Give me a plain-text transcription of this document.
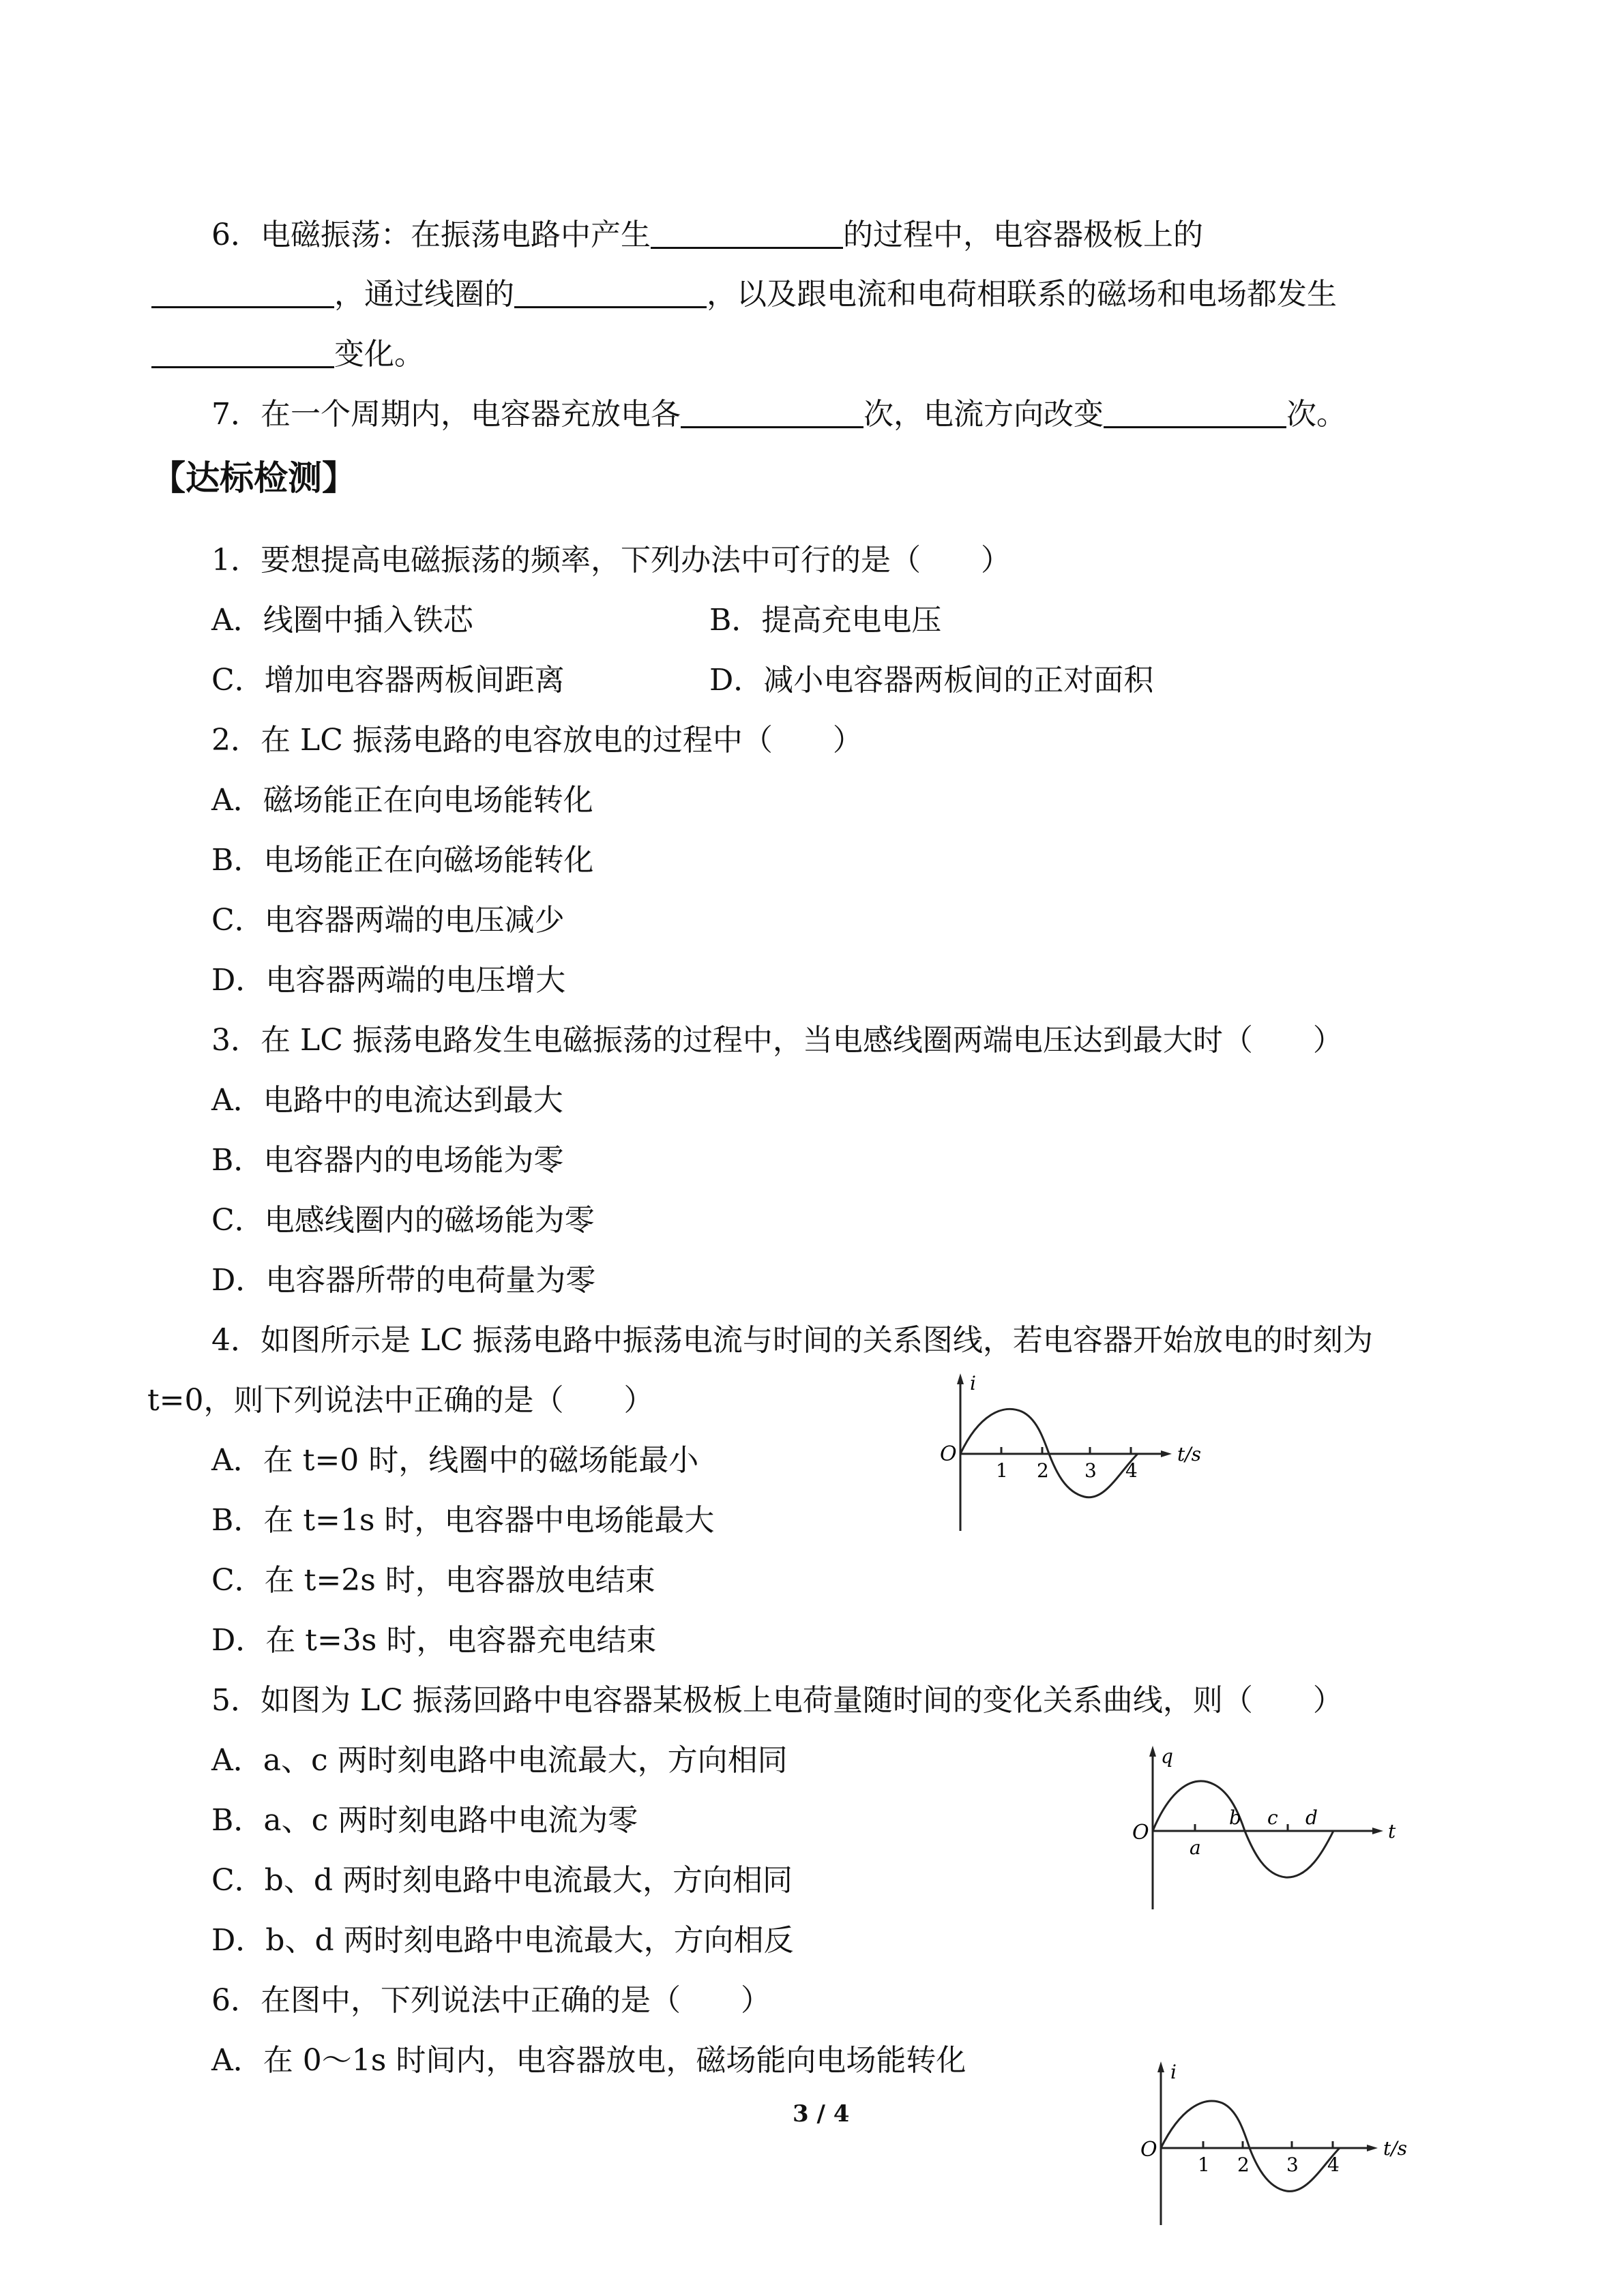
6．电磁振荡：在振荡电路中产生	的过程中，电容器极板上的
，通过线圈的	，以及跟电流和电荷相联系的磁场和电场都发生
变化。
7．在一个周期内，电容器充放电各	次，电流方向改变	次。
【达标检测】
1．要想提高电磁振荡的频率，下列办法中可行的是（　　）
A．线圈中插入铁芯	B．提高充电电压
C．增加电容器两板间距离	D．减小电容器两板间的正对面积
2．在 LC 振荡电路的电容放电的过程中（　　）
A．磁场能正在向电场能转化
B．电场能正在向磁场能转化
C．电容器两端的电压减少
D．电容器两端的电压增大
3．在 LC 振荡电路发生电磁振荡的过程中，当电感线圈两端电压达到最大时（　　）
A．电路中的电流达到最大
B．电容器内的电场能为零
C．电感线圈内的磁场能为零
D．电容器所带的电荷量为零
4．如图所示是 LC 振荡电路中振荡电流与时间的关系图线，若电容器开始放电的时刻为
t=0，则下列说法中正确的是（　　）
A．在 t=0 时，线圈中的磁场能最小
B．在 t=1s 时，电容器中电场能最大
C．在 t=2s 时，电容器放电结束
D．在 t=3s 时，电容器充电结束
i
t/s
O
1 2 3 4
5．如图为 LC 振荡回路中电容器某极板上电荷量随时间的变化关系曲线，则（　　）
A．a、c 两时刻电路中电流最大，方向相同
B．a、c 两时刻电路中电流为零
C．b、d 两时刻电路中电流最大，方向相同
D．b、d 两时刻电路中电流最大，方向相反
q
t
O
a
b c d
6．在图中，下列说法中正确的是（　　）
A．在 0～1s 时间内，电容器放电，磁场能向电场能转化	i
t/s
O
1 2 3 4
3 / 4
